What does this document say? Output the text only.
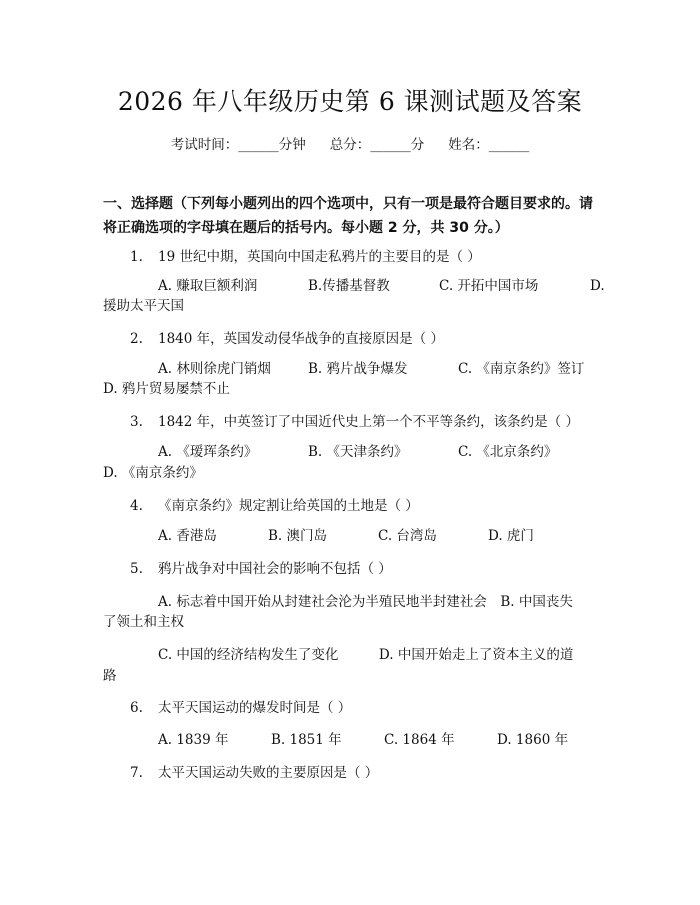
2026 年八年级历史第 6 课测试题及答案
考试时间：______分钟 总分：______分 姓名：______
一、选择题（下列每小题列出的四个选项中，只有一项是最符合题目要求的。请将正确选项的字母填在题后的括号内。每小题 2 分，共 30 分。）
1. 19 世纪中期，英国向中国走私鸦片的主要目的是（ ）
A. 赚取巨额利润	B.传播基督教	C. 开拓中国市场	D.
援助太平天国
2. 1840 年，英国发动侵华战争的直接原因是（ ）
A. 林则徐虎门销烟	B. 鸦片战争爆发	C. 《南京条约》签订
D. 鸦片贸易屡禁不止
3. 1842 年，中英签订了中国近代史上第一个不平等条约，该条约是（ ）
A. 《瑷珲条约》	B. 《天津条约》	C. 《北京条约》
D. 《南京条约》
4. 《南京条约》规定割让给英国的土地是（ ）
A. 香港岛	B. 澳门岛	C. 台湾岛	D. 虎门
5. 鸦片战争对中国社会的影响不包括（ ）
A. 标志着中国开始从封建社会沦为半殖民地半封建社会　B. 中国丧失
了领土和主权
C. 中国的经济结构发生了变化　　　D. 中国开始走上了资本主义的道
路
6. 太平天国运动的爆发时间是（ ）
A. 1839 年	B. 1851 年	C. 1864 年	D. 1860 年
7. 太平天国运动失败的主要原因是（ ）
